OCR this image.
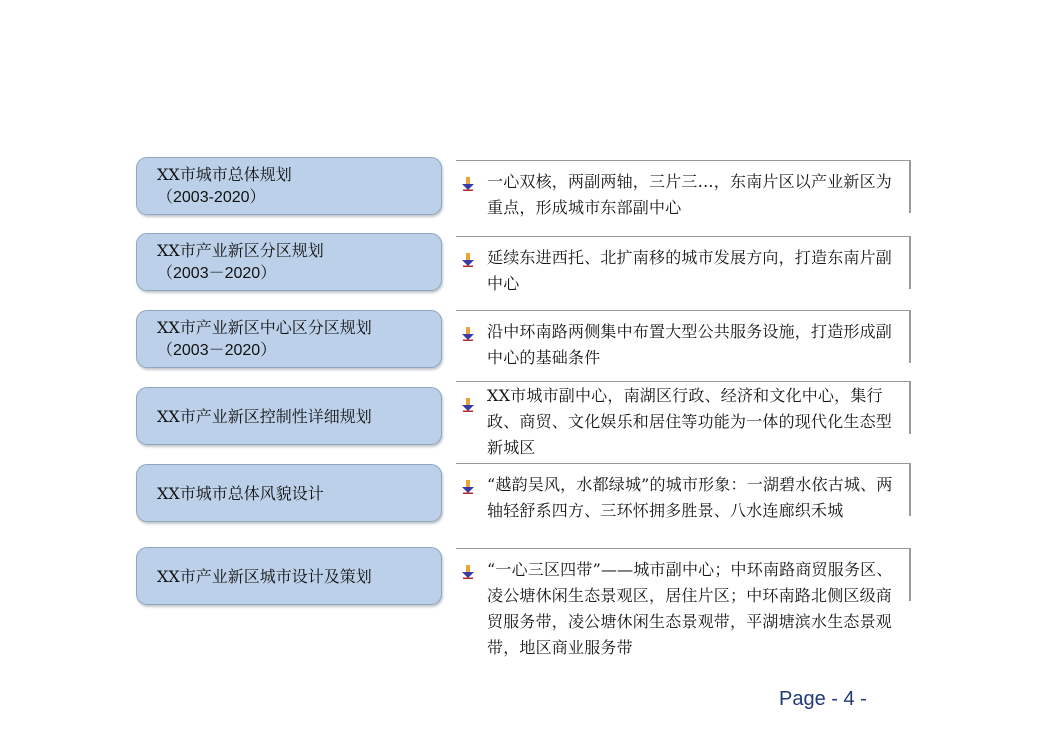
XX市城市总体规划
（2003-2020）
一心双核，两副两轴，三片三…，东南片区以产业新区为重点，形成城市东部副中心
XX市产业新区分区规划
（2003－2020）
延续东进西托、北扩南移的城市发展方向，打造东南片副中心
XX市产业新区中心区分区规划
（2003－2020）
沿中环南路两侧集中布置大型公共服务设施，打造形成副中心的基础条件
XX市产业新区控制性详细规划
XX市城市副中心，南湖区行政、经济和文化中心，集行政、商贸、文化娱乐和居住等功能为一体的现代化生态型新城区
XX市城市总体风貌设计	“越韵吴风，水都绿城”的城市形象：一湖碧水依古城、两轴轻舒系四方、三环怀拥多胜景、八水连廊织禾城
XX市产业新区城市设计及策划	“一心三区四带”——城市副中心；中环南路商贸服务区、凌公塘休闲生态景观区，居住片区；中环南路北侧区级商贸服务带，凌公塘休闲生态景观带，平湖塘滨水生态景观带，地区商业服务带
Page - 4 -
